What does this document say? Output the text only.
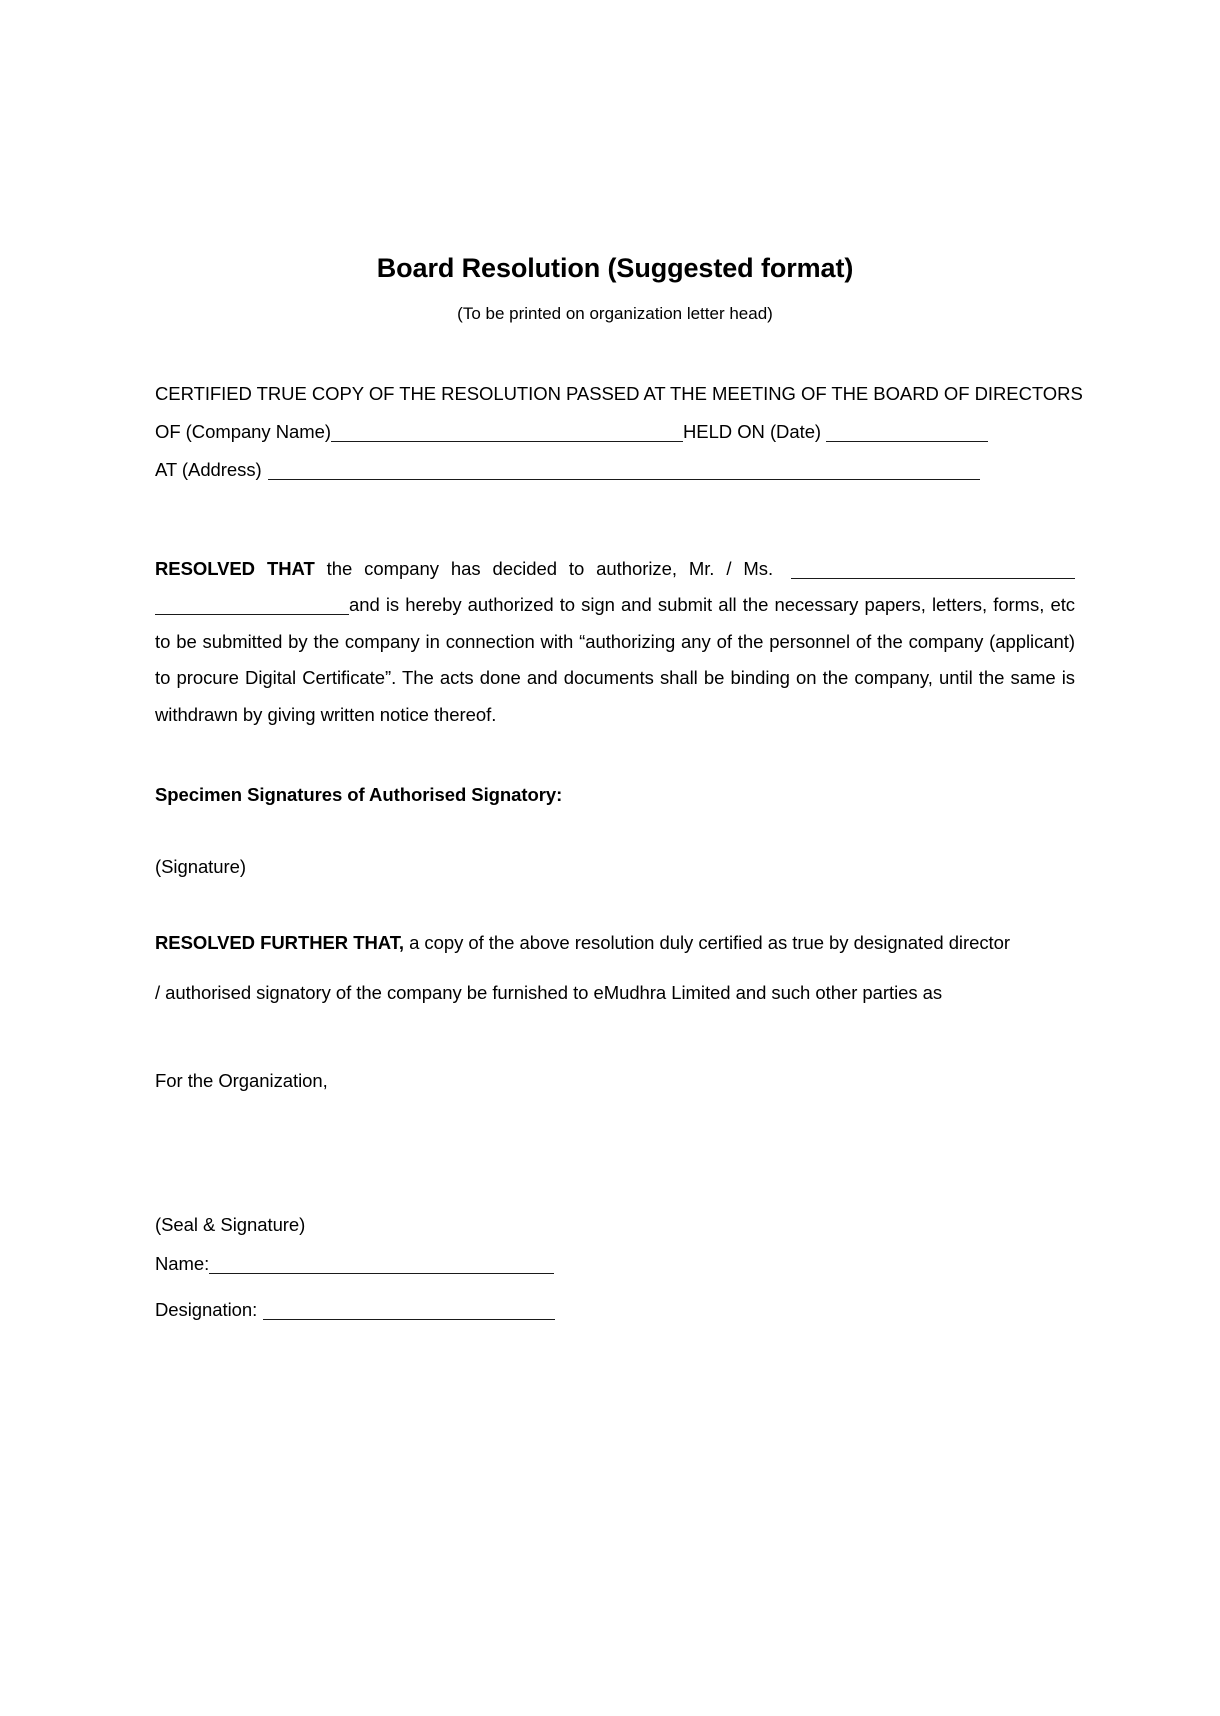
Board Resolution (Suggested format)
(To be printed on organization letter head)
CERTIFIED TRUE COPY OF THE RESOLUTION PASSED AT THE MEETING OF THE BOARD OF DIRECTORS
OF (Company Name)	HELD ON (Date)
AT (Address)
RESOLVED THAT the company has decided to authorize, Mr. / Ms. and is hereby authorized to sign and submit all the necessary papers, letters, forms, etc to be submitted by the company in connection with “authorizing any of the personnel of the company (applicant) to procure Digital Certificate”. The acts done and documents shall be binding on the company, until the same is withdrawn by giving written notice thereof.
Specimen Signatures of Authorised Signatory:
(Signature)
RESOLVED FURTHER THAT, a copy of the above resolution duly certified as true by designated director
/ authorised signatory of the company be furnished to eMudhra Limited and such other parties as
For the Organization,
(Seal & Signature)
Name:
Designation:
